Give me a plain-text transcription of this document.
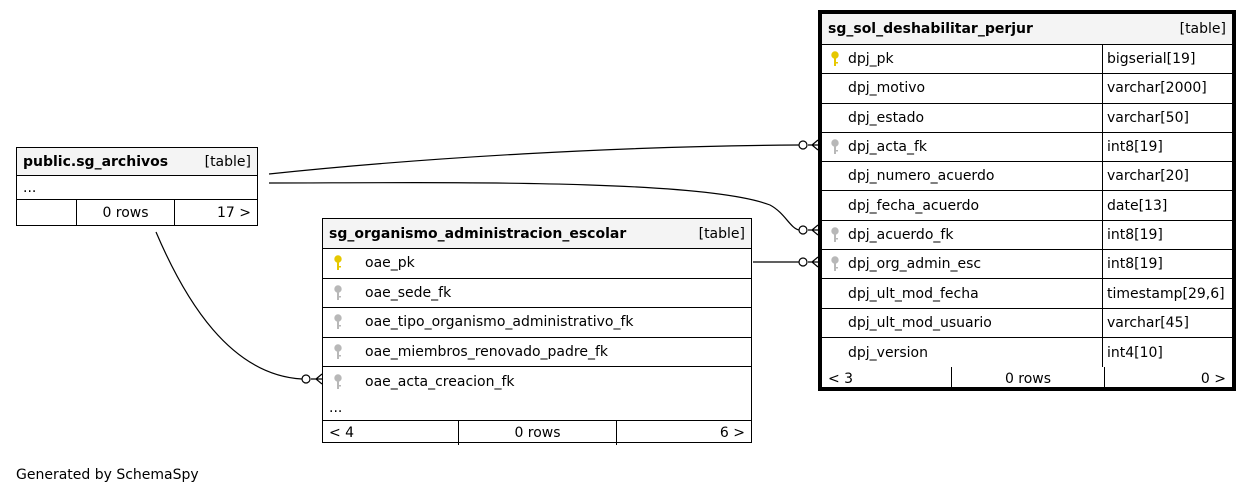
public.sg_archivos	[table]
...
0 rows	17 >
sg_organismo_administracion_escolar	[table]
oae_pk
oae_sede_fk
oae_tipo_organismo_administrativo_fk
oae_miembros_renovado_padre_fk
oae_acta_creacion_fk
...
< 4	0 rows	6 >
sg_sol_deshabilitar_perjur	[table]
dpj_pk	bigserial[19]
dpj_motivo	varchar[2000]
dpj_estado	varchar[50]
dpj_acta_fk	int8[19]
dpj_numero_acuerdo	varchar[20]
dpj_fecha_acuerdo	date[13]
dpj_acuerdo_fk	int8[19]
dpj_org_admin_esc	int8[19]
dpj_ult_mod_fecha	timestamp[29,6]
dpj_ult_mod_usuario	varchar[45]
dpj_version	int4[10]
< 3	0 rows	0 >
Generated by SchemaSpy
